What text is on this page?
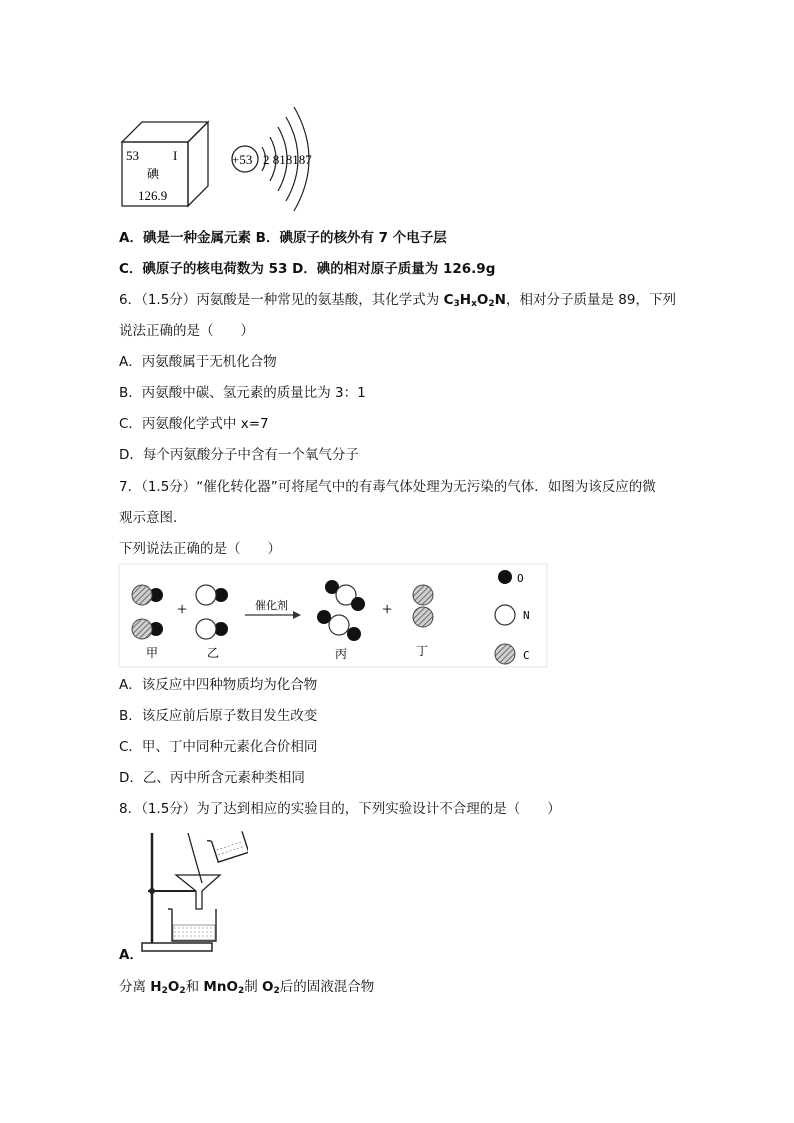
53	I
碘
126.9
+53 2 818187
A．碘是一种金属元素 B．碘原子的核外有 7 个电子层
C．碘原子的核电荷数为 53 D．碘的相对原子质量为 126.9g
6．（1.5分）丙氨酸是一种常见的氨基酸，其化学式为 $C_3H_xO_2N$，相对分子质量是 89，下列
说法正确的是（　　）
A．丙氨酸属于无机化合物
B．丙氨酸中碳、氢元素的质量比为 3：1
C．丙氨酸化学式中 x=7
D．每个丙氨酸分子中含有一个氧气分子
7．（1.5分）“催化转化器”可将尾气中的有毒气体处理为无污染的气体．如图为该反应的微
观示意图．
下列说法正确的是（　　）
+	催化剂	+
甲	乙	丙	丁
O
N
C
A．该反应中四种物质均为化合物
B．该反应前后原子数目发生改变
C．甲、丁中同种元素化合价相同
D．乙、丙中所含元素种类相同
8．（1.5分）为了达到相应的实验目的，下列实验设计不合理的是（　　）
A．
分离 $H_2O_2$和 MnO$_2$制 $O_2$后的固液混合物
